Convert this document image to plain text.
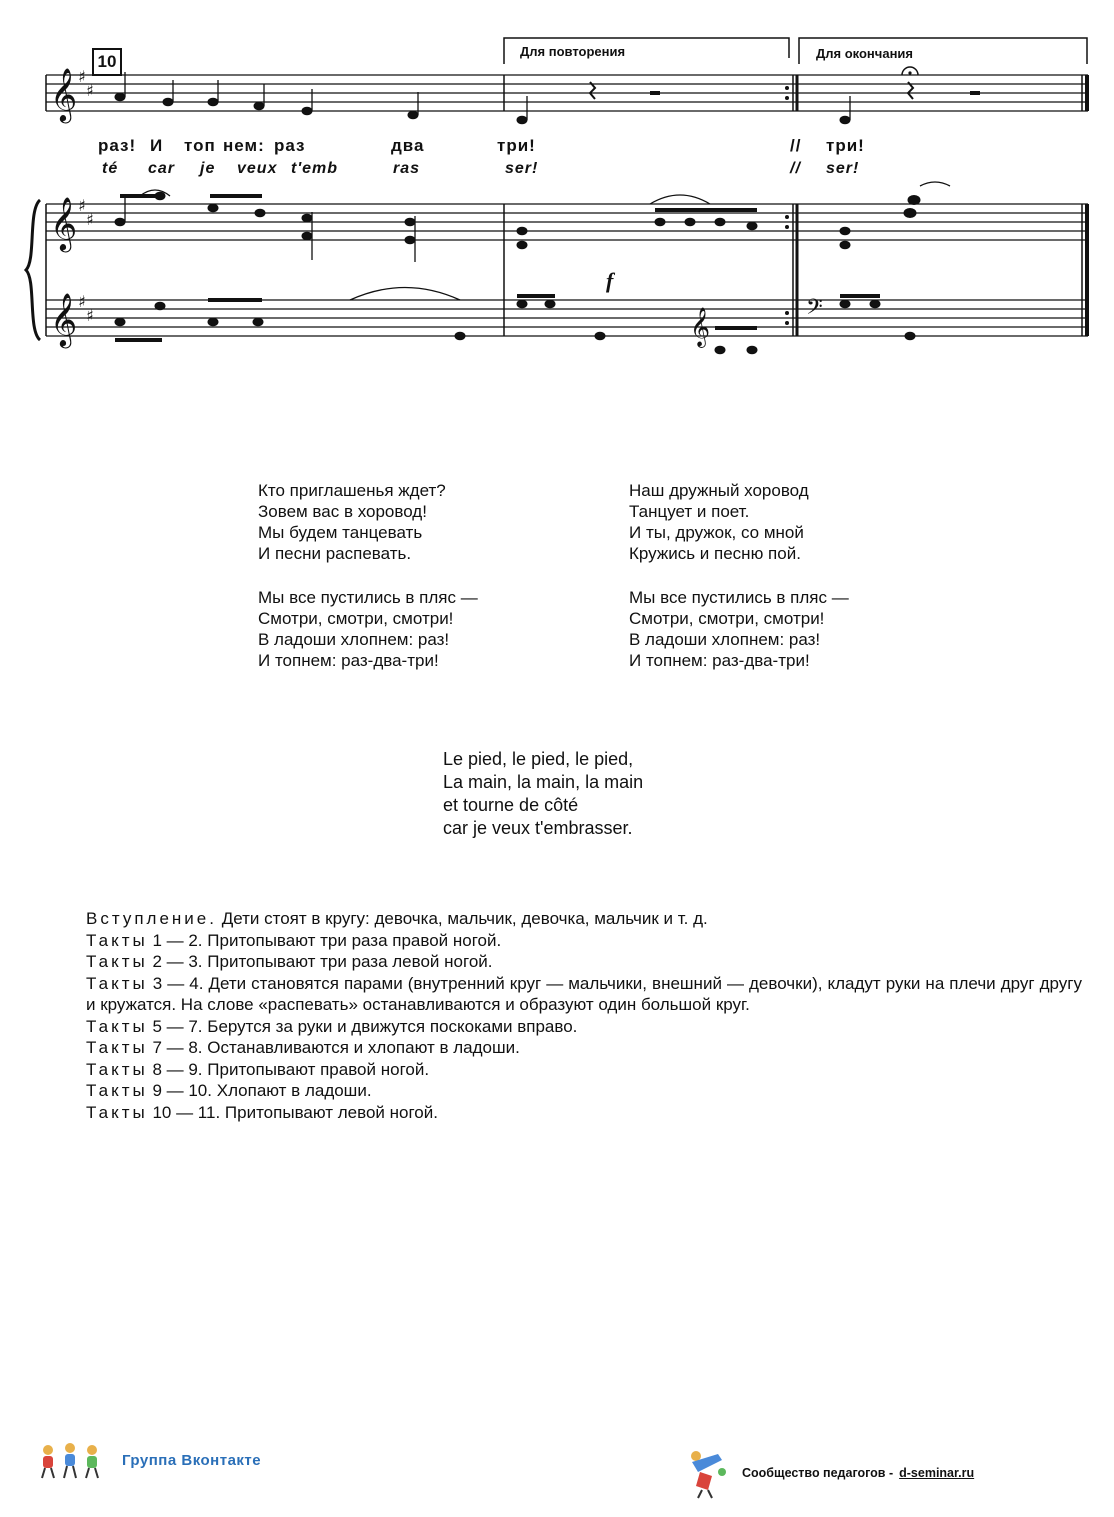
𝄞
𝄞
𝄞	𝄢
𝄞
♯
♯
♯
♯
♯
♯
10
Для повторения	Для окончания
раз! И топ нем: раз	два	три!	// три!
té car je veux t'emb	ras	ser!	// ser!
f
Кто приглашенья ждет?
Зовем вас в хоровод!
Мы будем танцевать
И песни распевать.
Мы все пустились в пляс —
Смотри, смотри, смотри!
В ладоши хлопнем: раз!
И топнем: раз-два-три!
Наш дружный хоровод
Танцует и поет.
И ты, дружок, со мной
Кружись и песню пой.
Мы все пустились в пляс —
Смотри, смотри, смотри!
В ладоши хлопнем: раз!
И топнем: раз-два-три!
Le pied, le pied, le pied,
La main, la main, la main
et tourne de côté
car je veux t'embrasser.
Вступление. Дети стоят в кругу: девочка, мальчик, девочка, мальчик и т. д.
Такты 1 — 2. Притопывают три раза правой ногой.
Такты 2 — 3. Притопывают три раза левой ногой.
Такты 3 — 4. Дети становятся парами (внутренний круг — мальчики, внешний — девочки), кладут руки на плечи друг другу и кружатся. На слове «распевать» останавливаются и образуют один большой круг.
Такты 5 — 7. Берутся за руки и движутся поскоками вправо.
Такты 7 — 8. Останавливаются и хлопают в ладоши.
Такты 8 — 9. Притопывают правой ногой.
Такты 9 — 10. Хлопают в ладоши.
Такты 10 — 11. Притопывают левой ногой.
Группа Вконтакте
Сообщество педагогов - d-seminar.ru
